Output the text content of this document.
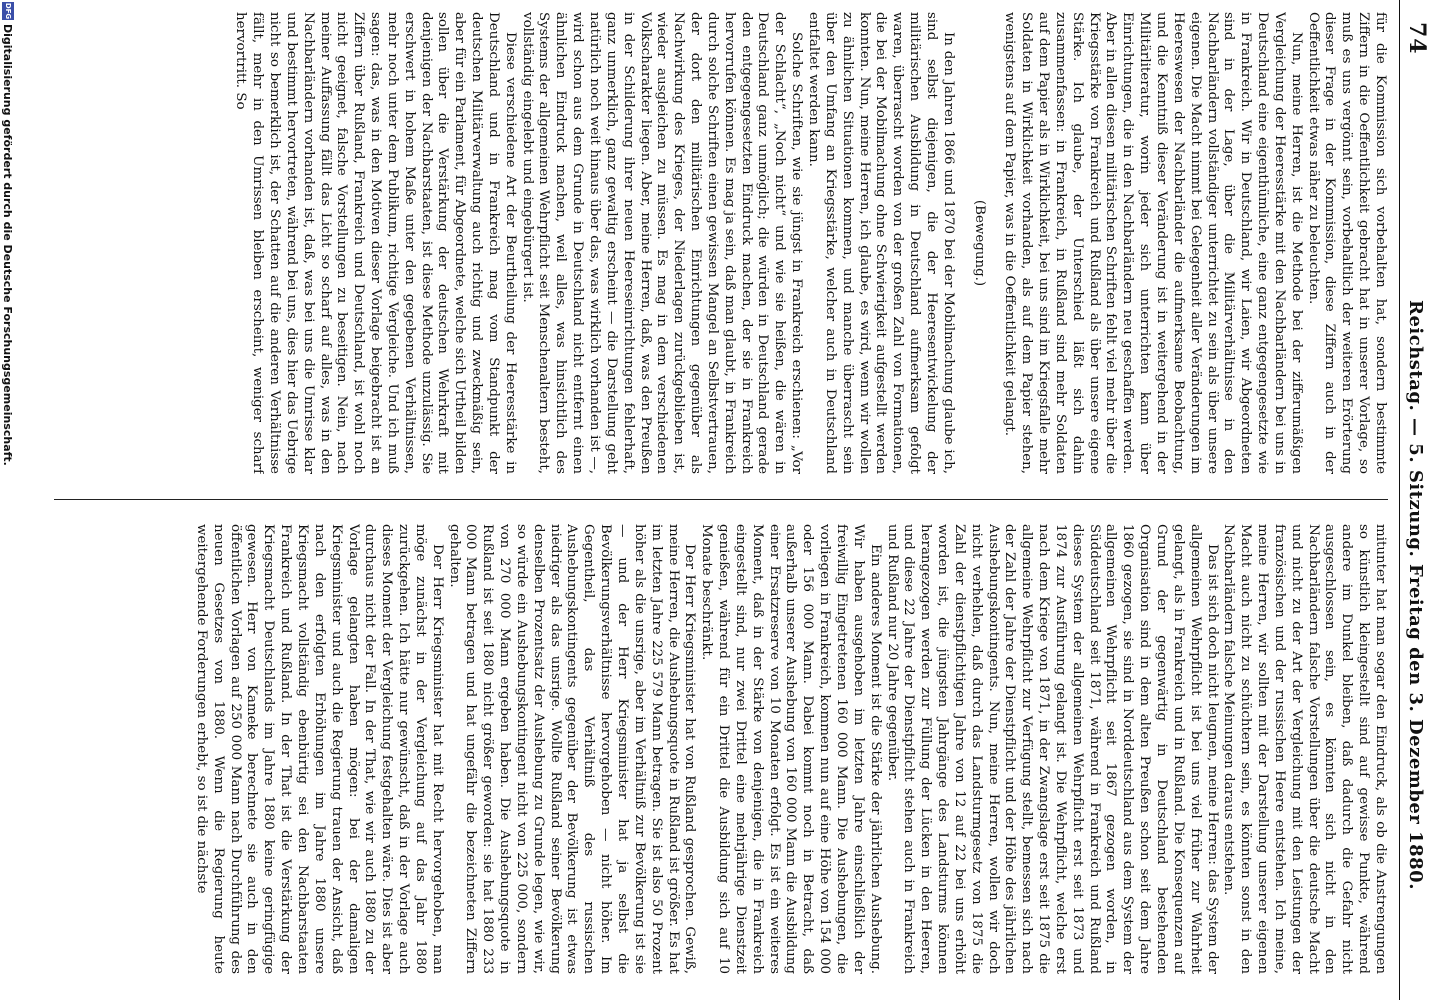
74
Reichstag. — 5. Sitzung. Freitag den 3. Dezember 1880.

für die Kommission sich vorbehalten hat, sondern bestimmte Ziffern in die Oeffentlichkeit gebracht hat in unserer Vorlage, so muß es uns vergönnt sein, vorbehaltlich der weiteren Erörterung dieser Frage in der Kommission, diese Ziffern auch in der Oeffentlichkeit etwas näher zu beleuchten.

Nun, meine Herren, ist die Methode bei der zifferumäßigen Vergleichung der Heeresstärke mit den Nachbarländern bei uns in Deutschland eine eigenthümliche, eine ganz entgegengesetzte wie in Frankreich. Wir in Deutschland, wir Laien, wir Abgeordneten sind in der Lage, über die Militärverhältnisse in den Nachbarländern vollständiger unterrichtet zu sein als über unsere eigenen. Die Macht nimmt bei Gelegenheit aller Veränderungen im Heereswesen der Nachbarländer die aufmerksame Beobachtung, und die Kenntniß dieser Veränderung ist in weitergehend in der Militärliteratur, worin jeder sich unterrichten kann über Einrichtungen, die in den Nachbarländern neu geschaffen werden. Aber in allen diesen militärischen Schriften fehlt viel mehr über die Kriegsstärke von Frankreich und Rußland als über unsere eigene Stärke. Ich glaube, der Unterschied läßt sich dahin zusammenfassen: in Frankreich, in Rußland sind mehr Soldaten auf dem Papier als in Wirklichkeit, bei uns sind im Kriegsfalle mehr Soldaten in Wirklichkeit vorhanden, als auf dem Papier stehen, wenigstens auf dem Papier, was in die Oeffentlichkeit gelangt.

(Bewegung.)

In den Jahren 1866 und 1870 bei der Mobilmachung glaube ich, sind selbst diejenigen, die der Heeresentwickelung der militärischen Ausbildung in Deutschland aufmerksam gefolgt waren, überrascht worden von der großen Zahl von Formationen, die bei der Mobilmachung ohne Schwierigkeit aufgestellt werden konnten. Nun, meine Herren, ich glaube, es wird, wenn wir wollen zu ähnlichen Situationen kommen, und manche überrascht sein über den Umfang an Kriegsstärke, welcher auch in Deutschland entfaltet werden kann.

Solche Schriften, wie sie jüngst in Frankreich erschienen: „Vor der Schlacht“, „Noch nicht“ und wie sie heißen, die wären in Deutschland ganz unmöglich; die würden in Deutschland gerade den entgegengesetzten Eindruck machen, der sie in Frankreich hervorrufen können. Es mag ja sein, daß man glaubt, in Frankreich durch solche Schriften einen gewissen Mangel an Selbstvertrauen, der dort den militärischen Einrichtungen gegenüber als Nachwirkung des Krieges, der Niederlagen zurückgeblieben ist, wieder ausgleichen zu müssen. Es mag in dem verschiedenen Volkscharakter liegen. Aber, meine Herren, daß, was den Preußen in der Schilderung ihrer neuen Heereseinrichtungen fehlerhaft, ganz unmerklich, ganz gewaltig erscheint — die Darstellung geht natürlich noch weit hinaus über das, was wirklich vorhanden ist —, wird schon aus dem Grunde in Deutschland nicht entfernt einen ähnlichen Eindruck machen, weil alles, was hinsichtlich des Systems der allgemeinen Wehrpflicht seit Menschenaltern besteht, vollständig eingelebt und eingebürgert ist.

Diese verschiedene Art der Beurtheilung der Heeresstärke in Deutschland und in Frankreich mag vom Standpunkt der deutschen Militärverwaltung auch richtig und zweckmäßig sein, aber für ein Parlament, für Abgeordnete, welche sich Urtheil bilden sollen über die Verstärkung der deutschen Wehrkraft mit denjenigen der Nachbarstaaten, ist diese Methode unzulässig. Sie erschwert in hohem Maße unter den gegebenen Verhältnissen, mehr noch unter dem Publikum, richtige Vergleiche. Und ich muß sagen: das, was in den Motiven dieser Vorlage beigebracht ist an Ziffern über Rußland, Frankreich und Deutschland, ist wohl noch nicht geeignet, falsche Vorstellungen zu beseitigen. Nein, nach meiner Auffassung fällt das Licht so scharf auf alles, was in den Nachbarländern vorhanden ist, daß, was bei uns die Umrisse klar und bestimmt hervortreten, während bei uns, dies hier das Uebrige nicht so bemerklich ist, der Schatten auf die anderen Verhältnisse fällt, mehr in den Umrissen bleiben erscheint, weniger scharf hervortritt. So

mitunter hat man sogar den Eindruck, als ob die Anstrengungen so künstlich kleingestellt sind auf gewisse Punkte, während andere im Dunkel bleiben, daß dadurch die Gefahr nicht ausgeschlossen sein, es könnten sich nicht in den Nachbarländern falsche Vorstellungen über die deutsche Macht und nicht zu der Art der Vergleichung mit den Leistungen der französischen und der russischen Heere entstehen. Ich meine, meine Herren, wir sollten mit der Darstellung unserer eigenen Macht auch nicht zu schüchtern sein, es könnten sonst in den Nachbarländern falsche Meinungen daraus entstehen.

Das ist sich doch nicht leugnen, meine Herren: das System der allgemeinen Wehrpflicht ist bei uns viel früher zur Wahrheit gelangt, als in Frankreich und in Rußland. Die Konsequenzen auf Grund der gegenwärtig in Deutschland bestehenden Organisation sind in dem alten Preußen schon seit dem Jahre 1860 gezogen, sie sind in Norddeutschland aus dem System der allgemeinen Wehrpflicht seit 1867 gezogen worden, in Süddeutschland seit 1871, während in Frankreich und Rußland dieses System der allgemeinen Wehrpflicht erst seit 1873 und 1874 zur Ausführung gelangt ist. Die Wehrpflicht, welche erst nach dem Kriege von 1871, in der Zwangslage erst seit 1875 die allgemeine Wehrpflicht zur Verfügung stellt, bemessen sich nach der Zahl der Jahre der Dienstpflicht und der Höhe des jährlichen Aushebungskontingents. Nun, meine Herren, wollen wir doch nicht verhehlen, daß durch das Landsturmgesetz von 1875 die Zahl der dienstpflichtigen Jahre von 12 auf 22 bei uns erhöht worden ist, die jüngsten Jahrgänge des Landsturms können herangezogen werden zur Füllung der Lücken in den Heeren, und diese 22 Jahre der Dienstpflicht stehen auch in Frankreich und Rußland nur 20 Jahre gegenüber.

Ein anderes Moment ist die Stärke der jährlichen Aushebung. Wir haben ausgehoben im letzten Jahre einschließlich der freiwillig Eingetretenen 160 000 Mann. Die Aushebungen, die vorliegen in Frankreich, kommen nun auf eine Höhe von 154 000 oder 156 000 Mann. Dabei kommt noch in Betracht, daß außerhalb unserer Aushebung von 160 000 Mann die Ausbildung einer Ersatzreserve von 10 Monaten erfolgt. Es ist ein weiteres Moment, daß in der Stärke von denjenigen, die in Frankreich eingestellt sind, nur zwei Drittel eine mehrjährige Dienstzeit genießen, während für ein Drittel die Ausbildung sich auf 10 Monate beschränkt.

Der Herr Kriegsminister hat von Rußland gesprochen. Gewiß, meine Herren, die Aushebungsquote in Rußland ist größer. Es hat im letzten Jahre 225 579 Mann betragen. Sie ist also 50 Prozent höher als die unsrige, aber im Verhältniß zur Bevölkerung ist sie — und der Herr Kriegsminister hat ja selbst die Bevölkerungsverhältnisse hervorgehoben — nicht höher. Im Gegentheil, das Verhältniß des russischen Aushebungskontingents gegenüber der Bevölkerung ist etwas niedriger als das unsrige. Wollte Rußland seiner Bevölkerung denselben Prozentsatz der Aushebung zu Grunde legen, wie wir, so würde ein Aushebungskontingent nicht von 225 000, sondern von 270 000 Mann ergeben haben. Die Aushebungsquote in Rußland ist seit 1880 nicht größer geworden: sie hat 1880 233 000 Mann betragen und hat ungefähr die bezeichneten Ziffern gehalten.

Der Herr Kriegsminister hat mit Recht hervorgehoben, man möge zunächst in der Vergleichung auf das Jahr 1880 zurückgehen. Ich hätte nur gewünscht, daß in der Vorlage auch dieses Moment der Vergleichung festgehalten wäre. Dies ist aber durchaus nicht der Fall. In der That, wie wir auch 1880 zu der Vorlage gelangten haben mögen: bei der damaligen Kriegsminister und auch die Regierung trauen der Ansicht, daß nach den erfolgten Erhöhungen im Jahre 1880 unsere Kriegsmacht vollständig ebenbürtig sei den Nachbarstaaten Frankreich und Rußland. In der That ist die Verstärkung der Kriegsmacht Deutschlands im Jahre 1880 keine geringfügige gewesen. Herr von Kameke berechnete sie auch in den öffentlichen Vorlagen auf 250 000 Mann nach Durchführung des neuen Gesetzes von 1880. Wenn die Regierung heute weitergehende Forderungen erhebt, so ist die nächste

DFG
Digitalisierung gefördert durch die Deutsche Forschungsgemeinschaft.
